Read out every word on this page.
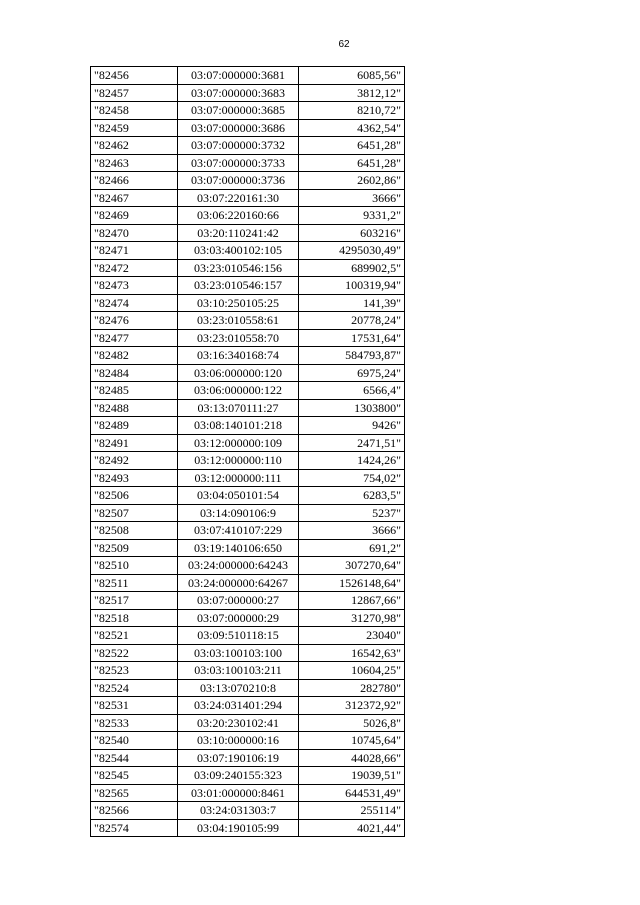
62
"82456	03:07:000000:3681	6085,56"
"82457	03:07:000000:3683	3812,12"
"82458	03:07:000000:3685	8210,72"
"82459	03:07:000000:3686	4362,54"
"82462	03:07:000000:3732	6451,28"
"82463	03:07:000000:3733	6451,28"
"82466	03:07:000000:3736	2602,86"
"82467	03:07:220161:30	3666"
"82469	03:06:220160:66	9331,2"
"82470	03:20:110241:42	603216"
"82471	03:03:400102:105	4295030,49"
"82472	03:23:010546:156	689902,5"
"82473	03:23:010546:157	100319,94"
"82474	03:10:250105:25	141,39"
"82476	03:23:010558:61	20778,24"
"82477	03:23:010558:70	17531,64"
"82482	03:16:340168:74	584793,87"
"82484	03:06:000000:120	6975,24"
"82485	03:06:000000:122	6566,4"
"82488	03:13:070111:27	1303800"
"82489	03:08:140101:218	9426"
"82491	03:12:000000:109	2471,51"
"82492	03:12:000000:110	1424,26"
"82493	03:12:000000:111	754,02"
"82506	03:04:050101:54	6283,5"
"82507	03:14:090106:9	5237"
"82508	03:07:410107:229	3666"
"82509	03:19:140106:650	691,2"
"82510	03:24:000000:64243	307270,64"
"82511	03:24:000000:64267	1526148,64"
"82517	03:07:000000:27	12867,66"
"82518	03:07:000000:29	31270,98"
"82521	03:09:510118:15	23040"
"82522	03:03:100103:100	16542,63"
"82523	03:03:100103:211	10604,25"
"82524	03:13:070210:8	282780"
"82531	03:24:031401:294	312372,92"
"82533	03:20:230102:41	5026,8"
"82540	03:10:000000:16	10745,64"
"82544	03:07:190106:19	44028,66"
"82545	03:09:240155:323	19039,51"
"82565	03:01:000000:8461	644531,49"
"82566	03:24:031303:7	255114"
"82574	03:04:190105:99	4021,44"
